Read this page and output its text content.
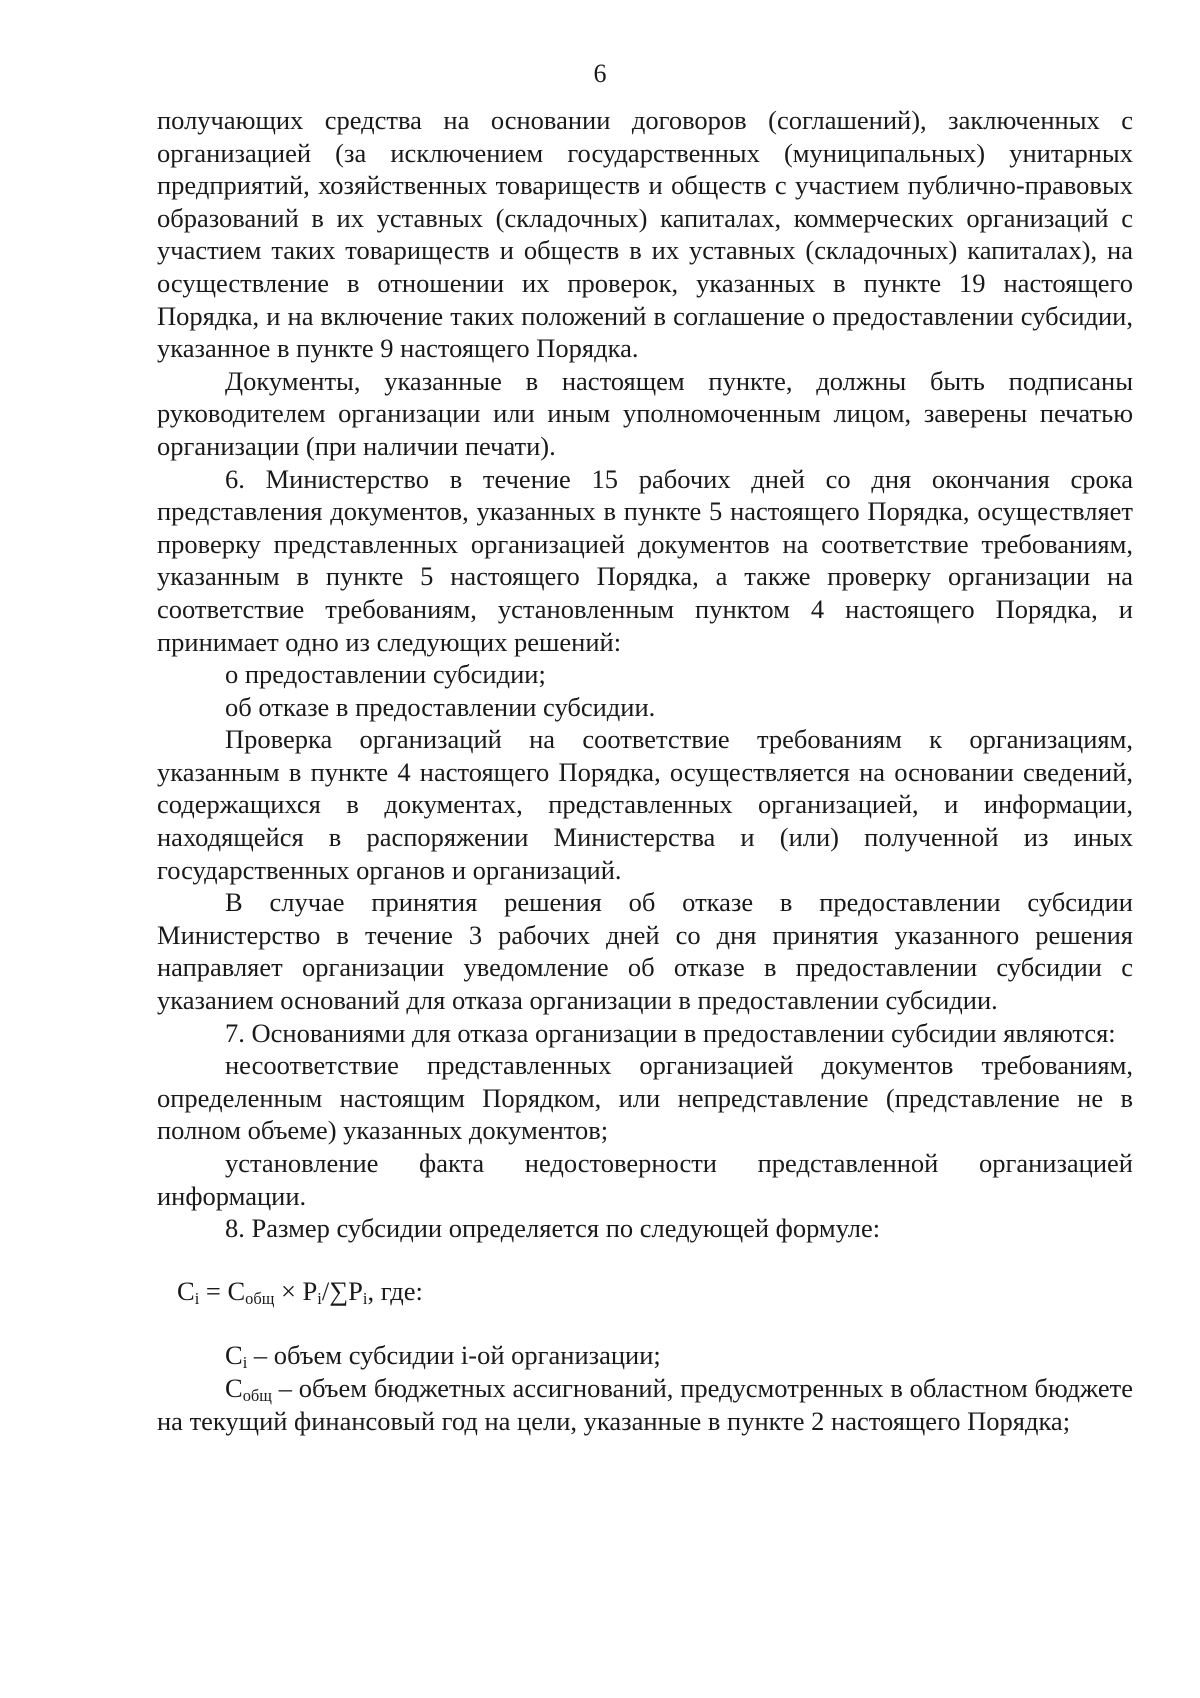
6

получающих средства на основании договоров (соглашений), заключенных с организацией (за исключением государственных (муниципальных) унитарных предприятий, хозяйственных товариществ и обществ с участием публично-правовых образований в их уставных (складочных) капиталах, коммерческих организаций с участием таких товариществ и обществ в их уставных (складочных) капиталах), на осуществление в отношении их проверок, указанных в пункте 19 настоящего Порядка, и на включение таких положений в соглашение о предоставлении субсидии, указанное в пункте 9 настоящего Порядка.

Документы, указанные в настоящем пункте, должны быть подписаны руководителем организации или иным уполномоченным лицом, заверены печатью организации (при наличии печати).

6. Министерство в течение 15 рабочих дней со дня окончания срока представления документов, указанных в пункте 5 настоящего Порядка, осуществляет проверку представленных организацией документов на соответствие требованиям, указанным в пункте 5 настоящего Порядка, а также проверку организации на соответствие требованиям, установленным пунктом 4 настоящего Порядка, и принимает одно из следующих решений:

о предоставлении субсидии;

об отказе в предоставлении субсидии.

Проверка организаций на соответствие требованиям к организациям, указанным в пункте 4 настоящего Порядка, осуществляется на основании сведений, содержащихся в документах, представленных организацией, и информации, находящейся в распоряжении Министерства и (или) полученной из иных государственных органов и организаций.

В случае принятия решения об отказе в предоставлении субсидии Министерство в течение 3 рабочих дней со дня принятия указанного решения направляет организации уведомление об отказе в предоставлении субсидии с указанием оснований для отказа организации в предоставлении субсидии.

7. Основаниями для отказа организации в предоставлении субсидии являются:

несоответствие представленных организацией документов требованиям, определенным настоящим Порядком, или непредставление (представление не в полном объеме) указанных документов;

установление факта недостоверности представленной организацией информации.

8. Размер субсидии определяется по следующей формуле:

$C_i = C_{общ} \times P_i/\sum P_i$, где:

$C_i$ – объем субсидии i-ой организации;

$C_{общ}$ – объем бюджетных ассигнований, предусмотренных в областном бюджете на текущий финансовый год на цели, указанные в пункте 2 настоящего Порядка;
